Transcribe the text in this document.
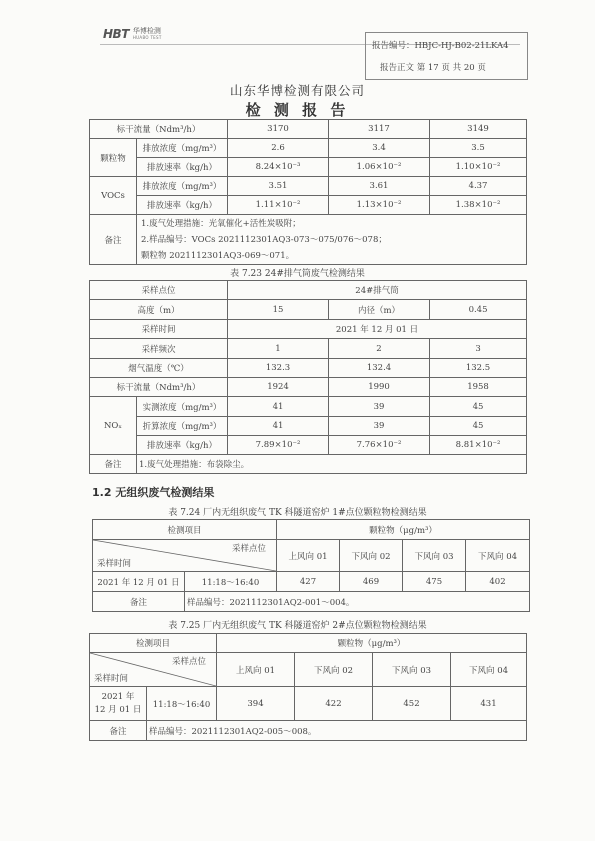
HBT 华博检测
HUABO TEST
报告编号：HBJC-HJ-B02-21LKA4
报告正文 第 17 页 共 20 页
山东华博检测有限公司
检 测 报 告
标干流量（Ndm³/h）		3170	3117	3149
颗粒物	排放浓度（mg/m³）	2.6	3.4	3.5
	排放速率（kg/h）	8.24×10⁻³	1.06×10⁻²	1.10×10⁻²
VOCs	排放浓度（mg/m³）	3.51	3.61	4.37
	排放速率（kg/h）	1.11×10⁻²	1.13×10⁻²	1.38×10⁻²
备注	1.废气处理措施：光氧催化+活性炭吸附；
2.样品编号：VOCs 2021112301AQ3-073～075/076～078；
颗粒物 2021112301AQ3-069～071。			
表 7.23 24#排气筒废气检测结果
采样点位		24#排气筒		
高度（m）		15	内径（m）	0.45
采样时间		2021 年 12 月 01 日		
采样频次		1	2	3
烟气温度（℃）		132.3	132.4	132.5
标干流量（Ndm³/h）		1924	1990	1958
NOₓ	实测浓度（mg/m³）	41	39	45
	折算浓度（mg/m³）	41	39	45
	排放速率（kg/h）	7.89×10⁻²	7.76×10⁻²	8.81×10⁻²
备注	1.废气处理措施：布袋除尘。			
1.2 无组织废气检测结果
表 7.24 厂内无组织废气 TK 科隧道窑炉 1#点位颗粒物检测结果
检测项目		颗粒物（μg/m³）			

采样点位
采样时间		上风向 01	下风向 02	下风向 03	下风向 04
2021 年 12 月 01 日	11:18～16:40	427	469	475	402
备注	样品编号：2021112301AQ2-001～004。				
表 7.25 厂内无组织废气 TK 科隧道窑炉 2#点位颗粒物检测结果
检测项目		颗粒物（μg/m³）			

采样点位
采样时间		上风向 01	下风向 02	下风向 03	下风向 04

2021 年
12 月 01 日	11:18～16:40	394	422	452	431
备注	样品编号：2021112301AQ2-005～008。				
